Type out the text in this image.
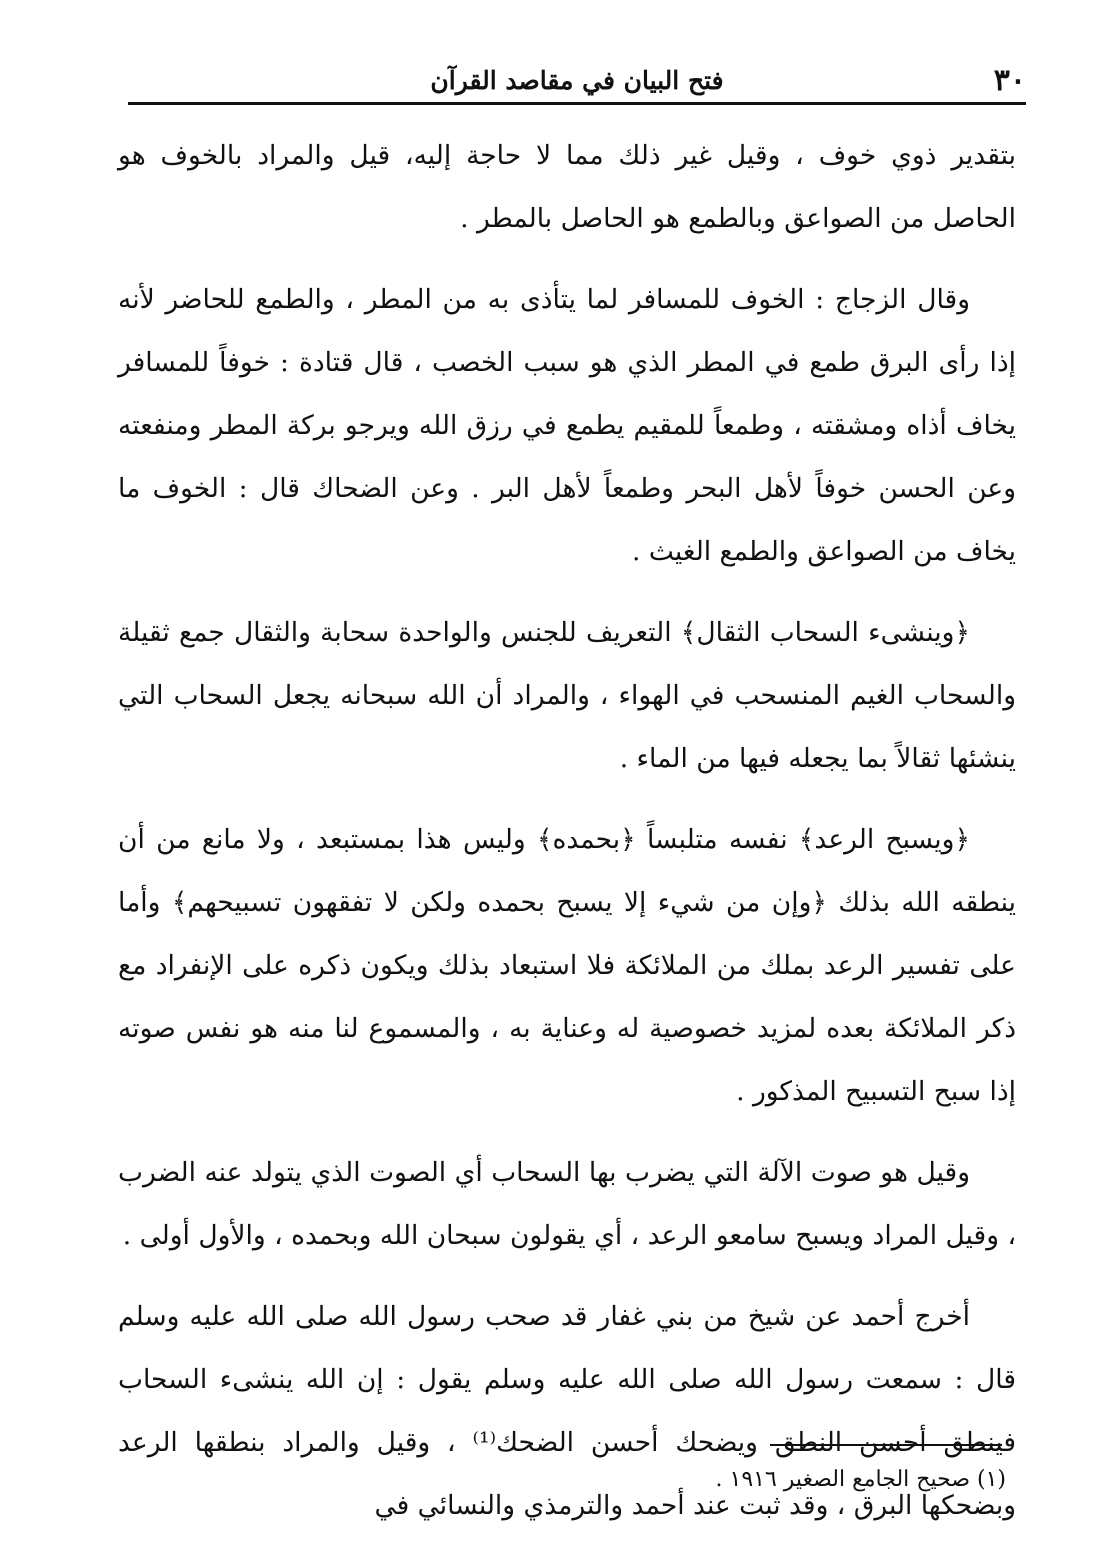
٣٠
فتح البيان في مقاصد القرآن

بتقدير ذوي خوف ، وقيل غير ذلك مما لا حاجة إليه، قيل والمراد بالخوف هو الحاصل من الصواعق وبالطمع هو الحاصل بالمطر .

وقال الزجاج : الخوف للمسافر لما يتأذى به من المطر ، والطمع للحاضر لأنه إذا رأى البرق طمع في المطر الذي هو سبب الخصب ، قال قتادة : خوفاً للمسافر يخاف أذاه ومشقته ، وطمعاً للمقيم يطمع في رزق الله ويرجو بركة المطر ومنفعته وعن الحسن خوفاً لأهل البحر وطمعاً لأهل البر . وعن الضحاك قال : الخوف ما يخاف من الصواعق والطمع الغيث .

﴿وينشىء السحاب الثقال﴾ التعريف للجنس والواحدة سحابة والثقال جمع ثقيلة والسحاب الغيم المنسحب في الهواء ، والمراد أن الله سبحانه يجعل السحاب التي ينشئها ثقالاً بما يجعله فيها من الماء .

﴿ويسبح الرعد﴾ نفسه متلبساً ﴿بحمده﴾ وليس هذا بمستبعد ، ولا مانع من أن ينطقه الله بذلك ﴿وإن من شيء إلا يسبح بحمده ولكن لا تفقهون تسبيحهم﴾ وأما على تفسير الرعد بملك من الملائكة فلا استبعاد بذلك ويكون ذكره على الإنفراد مع ذكر الملائكة بعده لمزيد خصوصية له وعناية به ، والمسموع لنا منه هو نفس صوته إذا سبح التسبيح المذكور .

وقيل هو صوت الآلة التي يضرب بها السحاب أي الصوت الذي يتولد عنه الضرب ، وقيل المراد ويسبح سامعو الرعد ، أي يقولون سبحان الله وبحمده ، والأول أولى .

أخرج أحمد عن شيخ من بني غفار قد صحب رسول الله صلى الله عليه وسلم قال : سمعت رسول الله صلى الله عليه وسلم يقول : إن الله ينشىء السحاب فينطق أحسن النطق ويضحك أحسن الضحك⁽¹⁾ ، وقيل والمراد بنطقها الرعد وبضحكها البرق ، وقد ثبت عند أحمد والترمذي والنسائي في

(١) صحيح الجامع الصغير ١٩١٦ .
